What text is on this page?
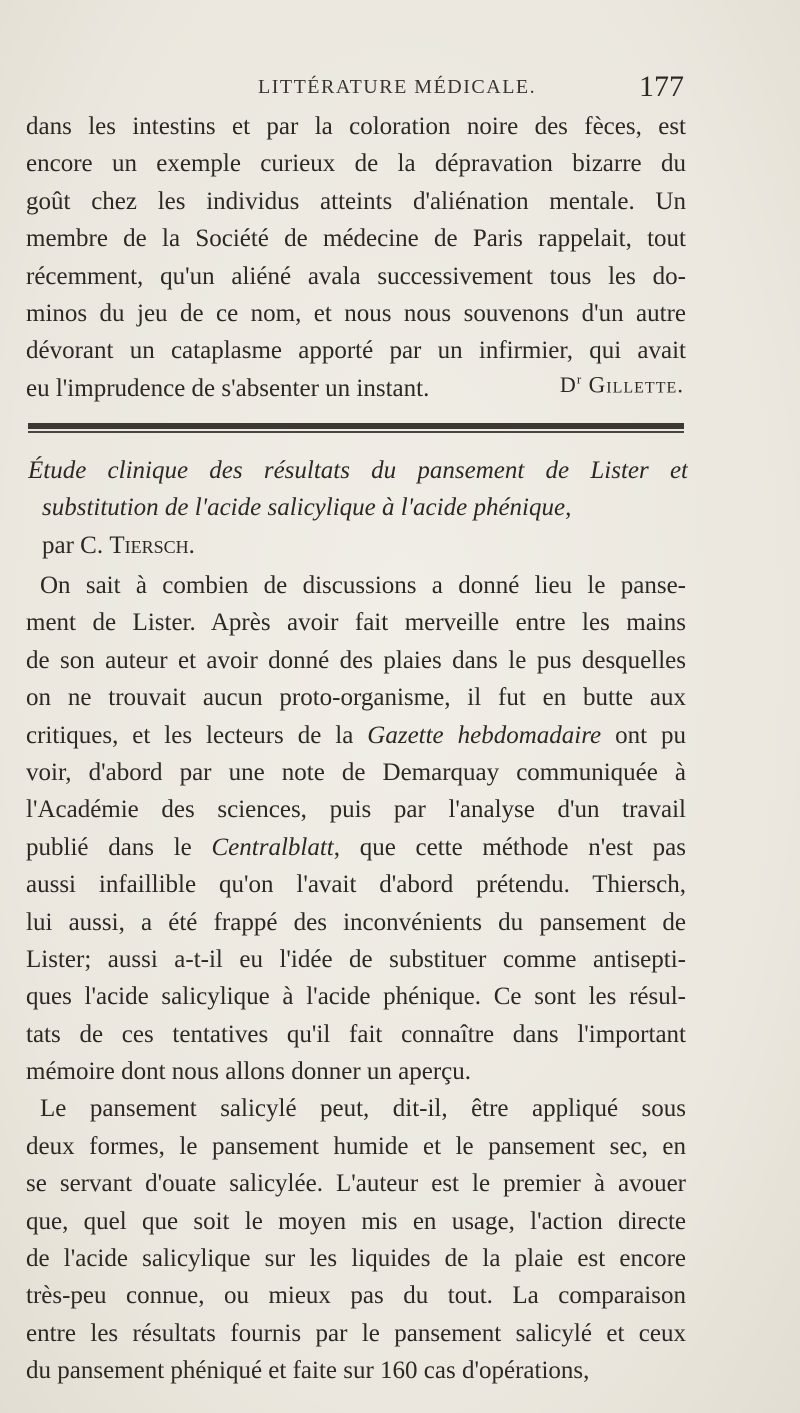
LITTÉRATURE MÉDICALE.	177
dans les intestins et par la coloration noire des fèces, est
encore un exemple curieux de la dépravation bizarre du
goût chez les individus atteints d'aliénation mentale. Un
membre de la Société de médecine de Paris rappelait, tout
récemment, qu'un aliéné avala successivement tous les do-
minos du jeu de ce nom, et nous nous souvenons d'un autre
dévorant un cataplasme apporté par un infirmier, qui avait
eu l'imprudence de s'absenter un instant.	$D^r$ Gillette.
Étude clinique des résultats du pansement de Lister et
substitution de l'acide salicylique à l'acide phénique,
par C. Tiersch.
On sait à combien de discussions a donné lieu le panse-
ment de Lister. Après avoir fait merveille entre les mains
de son auteur et avoir donné des plaies dans le pus desquelles
on ne trouvait aucun proto-organisme, il fut en butte aux
critiques, et les lecteurs de la Gazette hebdomadaire ont pu
voir, d'abord par une note de Demarquay communiquée à
l'Académie des sciences, puis par l'analyse d'un travail
publié dans le Centralblatt, que cette méthode n'est pas
aussi infaillible qu'on l'avait d'abord prétendu. Thiersch,
lui aussi, a été frappé des inconvénients du pansement de
Lister; aussi a-t-il eu l'idée de substituer comme antisepti-
ques l'acide salicylique à l'acide phénique. Ce sont les résul-
tats de ces tentatives qu'il fait connaître dans l'important
mémoire dont nous allons donner un aperçu.
Le pansement salicylé peut, dit-il, être appliqué sous
deux formes, le pansement humide et le pansement sec, en
se servant d'ouate salicylée. L'auteur est le premier à avouer
que, quel que soit le moyen mis en usage, l'action directe
de l'acide salicylique sur les liquides de la plaie est encore
très-peu connue, ou mieux pas du tout. La comparaison
entre les résultats fournis par le pansement salicylé et ceux
du pansement phéniqué et faite sur 160 cas d'opérations,
